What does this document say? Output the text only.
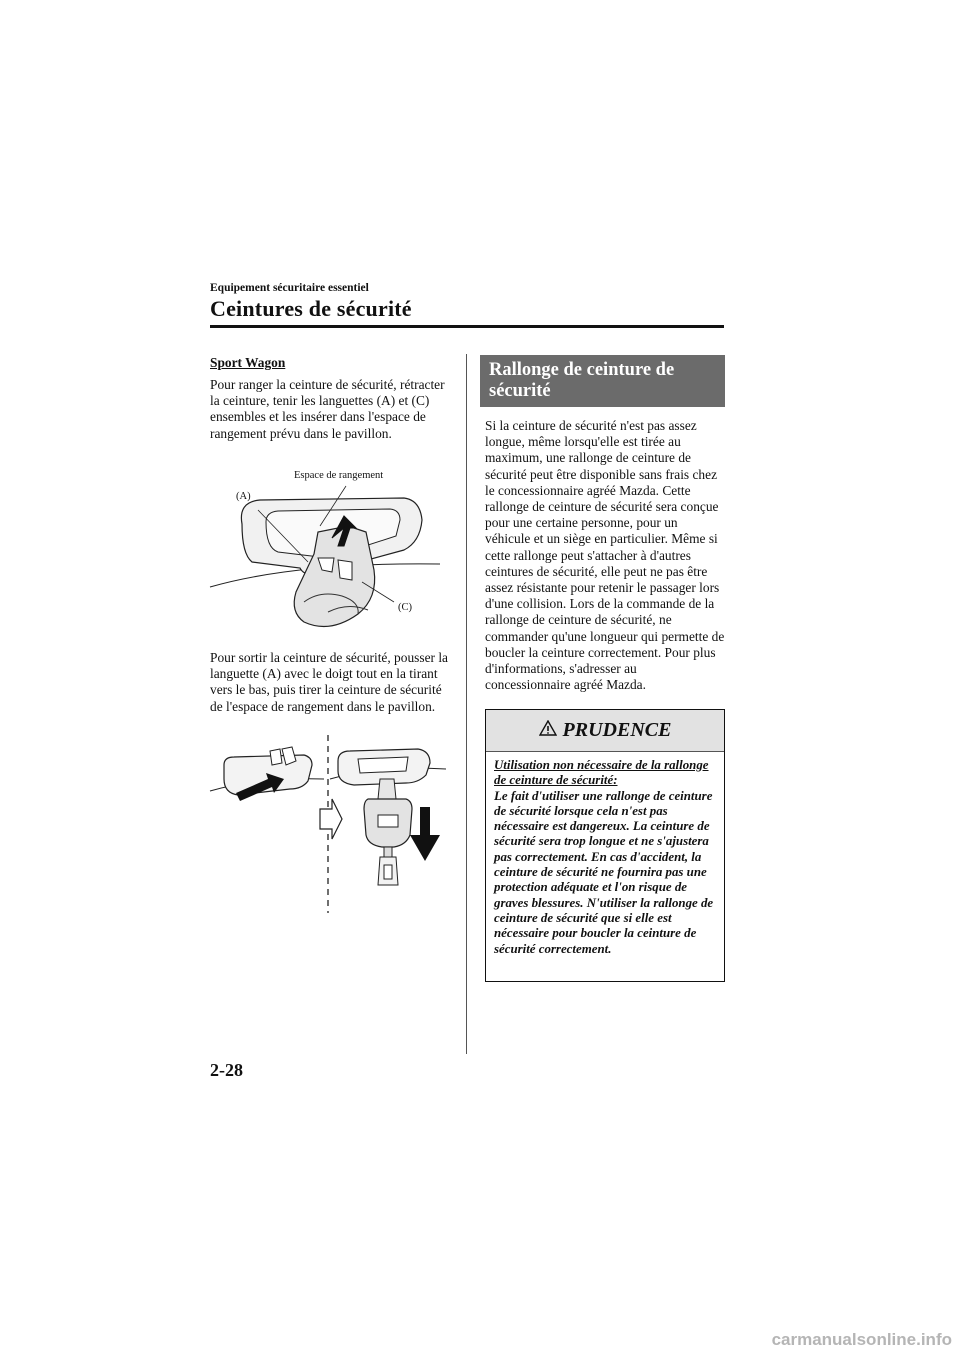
Equipement sécuritaire essentiel
Ceintures de sécurité
Sport Wagon
Pour ranger la ceinture de sécurité, rétracter la ceinture, tenir les languettes (A) et (C) ensembles et les insérer dans l'espace de rangement prévu dans le pavillon.
Espace de rangement
(A)
(C)
Pour sortir la ceinture de sécurité, pousser la languette (A) avec le doigt tout en la tirant vers le bas, puis tirer la ceinture de sécurité de l'espace de rangement dans le pavillon.
Rallonge de ceinture de sécurité
Si la ceinture de sécurité n'est pas assez longue, même lorsqu'elle est tirée au maximum, une rallonge de ceinture de sécurité peut être disponible sans frais chez le concessionnaire agréé Mazda. Cette rallonge de ceinture de sécurité sera conçue pour une certaine personne, pour un véhicule et un siège en particulier. Même si cette rallonge peut s'attacher à d'autres ceintures de sécurité, elle peut ne pas être assez résistante pour retenir le passager lors d'une collision. Lors de la commande de la rallonge de ceinture de sécurité, ne commander qu'une longueur qui permette de boucler la ceinture correctement. Pour plus d'informations, s'adresser au concessionnaire agréé Mazda.
PRUDENCE
Utilisation non nécessaire de la rallonge de ceinture de sécurité:
Le fait d'utiliser une rallonge de ceinture de sécurité lorsque cela n'est pas nécessaire est dangereux. La ceinture de sécurité sera trop longue et ne s'ajustera pas correctement. En cas d'accident, la ceinture de sécurité ne fournira pas une protection adéquate et l'on risque de graves blessures. N'utiliser la rallonge de ceinture de sécurité que si elle est nécessaire pour boucler la ceinture de sécurité correctement.
2-28
carmanualsonline.info
